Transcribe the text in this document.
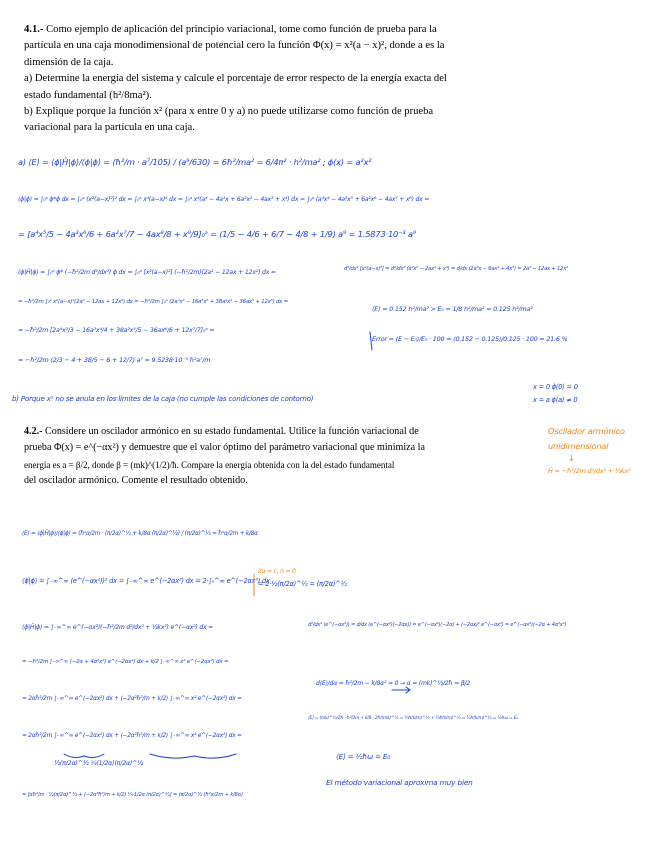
4.1.- Como ejemplo de aplicación del principio variacional, tome como función de prueba para la

partícula en una caja monodimensional de potencial cero la función Φ(x) = x²(a − x)², donde a es la

dimensión de la caja.

a) Determine la energía del sistema y calcule el porcentaje de error respecto de la energía exacta del

estado fundamental (h²/8ma²).

b) Explique porque la función x² (para x entre 0 y a) no puede utilizarse como función de prueba

variacional para la partícula en una caja.

a) ⟨E⟩ = ⟨ϕ|Ĥ|ϕ⟩/⟨ϕ|ϕ⟩ = (ħ²/m · a⁷/105) / (a⁹/630) = 6ħ²/ma² = 6/4π² · h²/ma² ; ϕ(x) = a²x²
⟨ϕ|ϕ⟩ = ∫₀ᵃ ϕ*ϕ dx = ∫₀ᵃ (x²(a−x)²)² dx = ∫₀ᵃ x⁴(a−x)⁴ dx = ∫₀ᵃ x⁴(a⁴ − 4a³x + 6a²x² − 4ax³ + x⁴) dx = ∫₀ᵃ (a⁴x⁴ − 4a³x⁵ + 6a²x⁶ − 4ax⁷ + x⁸) dx =
= [a⁴x⁵/5 − 4a³x⁶/6 + 6a²x⁷/7 − 4ax⁸/8 + x⁹/9]₀ᵃ = (1/5 − 4/6 + 6/7 − 4/8 + 1/9) a⁹ = 1.5873·10⁻³ a⁹
⟨ϕ|Ĥ|ϕ⟩ = ∫₀ᵃ ϕ* (−ħ²/2m d²/dx²) ϕ dx = ∫₀ᵃ [x²(a−x)²] (−ħ²/2m)(2a² − 12ax + 12x²) dx =
= −ħ²/2m ∫₀ᵃ x²(a−x)²(2a² − 12ax + 12x²) dx = −ħ²/2m ∫₀ᵃ (2a⁴x² − 16a³x³ + 38a²x⁴ − 36ax⁵ + 12x⁶) dx =
= −ħ²/2m [2a⁴x³/3 − 16a³x⁴/4 + 38a²x⁵/5 − 36ax⁶/6 + 12x⁷/7]₀ᵃ =
= −ħ²/2m (2/3 − 4 + 38/5 − 6 + 12/7) a⁷ = 9.5238·10⁻³ ħ²a⁷/m
d²/dx² [x²(a−x)²] = d²/dx² (a²x² − 2ax³ + x⁴) = d/dx (2a²x − 6ax² + 4x³) = 2a² − 12ax + 12x²
⟨E⟩ = 0.152 h²/ma² > E₀ = 1/8 h²/ma² = 0.125 h²/ma²
Error = (E − E₀)/E₀ · 100 = (0.152 − 0.125)/0.125 · 100 = 21.6 %
x = 0 ϕ(0) = 0
x = a ϕ(a) ≠ 0
b) Porque x² no se anula en los límites de la caja (no cumple las condiciones de contorno)

4.2.- Considere un oscilador armónico en su estado fundamental. Utilice la función variacional de

prueba Φ(x) = e^(−αx²) y demuestre que el valor óptimo del parámetro variacional que minimiza la

energía es a = β/2, donde β = (mk)^(1/2)/ħ. Compare la energía obtenida con la del estado fundamental

del oscilador armónico. Comente el resultado obtenido.

Oscilador armónico
unidimensional
↓
Ĥ = −ħ²/2m d²/dx² + ½kx²
⟨E⟩ = ⟨ϕ|Ĥ|ϕ⟩/⟨ϕ|ϕ⟩ = (ħ²α/2m · (π/2α)^½ + k/8α (π/2α)^½) / (π/2α)^½ = ħ²α/2m + k/8α
⟨ϕ|ϕ⟩ = ∫₋∞^∞ (e^(−αx²))² dx = ∫₋∞^∞ e^(−2αx²) dx = 2·∫₀^∞ e^(−2αx²) dx
2α = c, n = 0
= 2·½(π/2α)^½ = (π/2α)^½
⟨ϕ|Ĥ|ϕ⟩ = ∫₋∞^∞ e^(−αx²)(−ħ²/2m d²/dx² + ½kx²) e^(−αx²) dx =
= −ħ²/2m ∫₋∞^∞ (−2α + 4α²x²) e^(−2αx²) dx + k/2 ∫₋∞^∞ x² e^(−2αx²) dx =
= 2αħ²/2m ∫₋∞^∞ e^(−2αx²) dx + (−2α²ħ²/m + k/2) ∫₋∞^∞ x² e^(−2αx²) dx =
= 2αħ²/2m ∫₋∞^∞ e^(−2αx²) dx + (−2α²ħ²/m + k/2) ∫₋∞^∞ x² e^(−2αx²) dx =
½(π/2α)^½ ¼(1/2α)(π/2α)^½
= [αħ²/m · ½(π/2α)^½ + (−2α²ħ²/m + k/2) ¼·1/2α (π/2α)^½] = (π/2α)^½ (ħ²α/2m + k/8α)
d²/dx² (e^(−αx²)) = d/dx (e^(−αx²)(−2αx)) = e^(−αx²)(−2α) + (−2αx)² e^(−αx²) = e^(−αx²)(−2α + 4α²x²)
d⟨E⟩/dα = ħ²/2m − k/8α² = 0 → α = (mk)^½/2ħ = β/2
⟨E⟩ = (mk)^½/2ħ · ħ²/2m + k/8 · 2ħ/(mk)^½ = ¼ħ(k/m)^½ + ¼ħ(k/m)^½ = ½ħ(k/m)^½ = ½ħω = E₀
⟨E⟩ = ½ħω = E₀
El método variacional aproxima muy bien
